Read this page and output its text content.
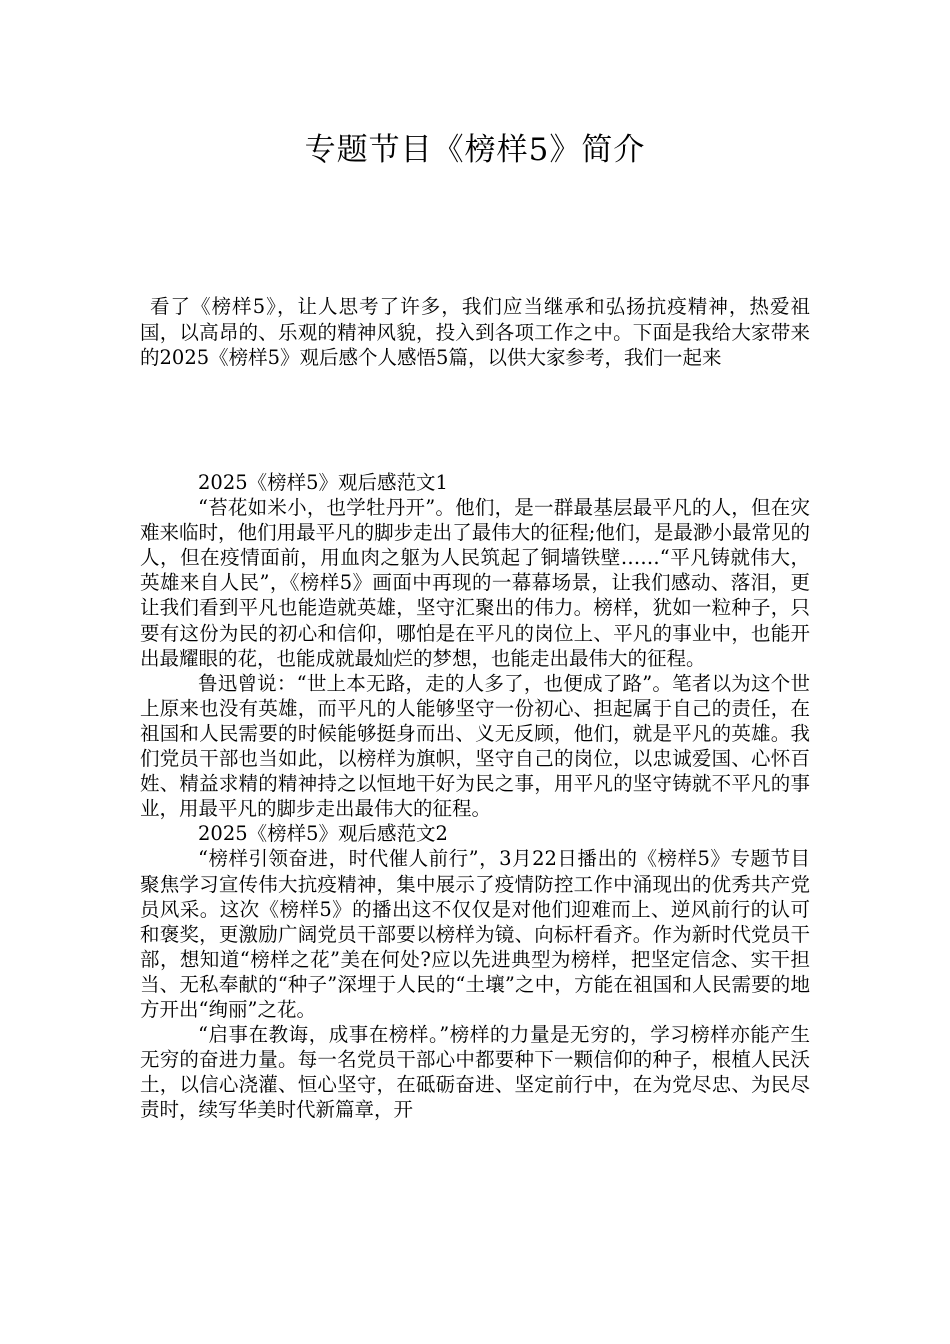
专题节目《榜样5》简介

看了《榜样5》，让人思考了许多，我们应当继承和弘扬抗疫精神，热爱祖国，以高昂的、乐观的精神风貌，投入到各项工作之中。下面是我给大家带来的2025《榜样5》观后感个人感悟5篇，以供大家参考，我们一起来

2025《榜样5》观后感范文1

“苔花如米小，也学牡丹开”。他们，是一群最基层最平凡的人，但在灾难来临时，他们用最平凡的脚步走出了最伟大的征程;他们，是最渺小最常见的人，但在疫情面前，用血肉之躯为人民筑起了铜墙铁壁……“平凡铸就伟大，英雄来自人民”，《榜样5》画面中再现的一幕幕场景，让我们感动、落泪，更让我们看到平凡也能造就英雄，坚守汇聚出的伟力。榜样，犹如一粒种子，只要有这份为民的初心和信仰，哪怕是在平凡的岗位上、平凡的事业中，也能开出最耀眼的花，也能成就最灿烂的梦想，也能走出最伟大的征程。

鲁迅曾说：“世上本无路，走的人多了，也便成了路”。笔者以为这个世上原来也没有英雄，而平凡的人能够坚守一份初心、担起属于自己的责任，在祖国和人民需要的时候能够挺身而出、义无反顾，他们，就是平凡的英雄。我们党员干部也当如此，以榜样为旗帜，坚守自己的岗位，以忠诚爱国、心怀百姓、精益求精的精神持之以恒地干好为民之事，用平凡的坚守铸就不平凡的事业，用最平凡的脚步走出最伟大的征程。

2025《榜样5》观后感范文2

“榜样引领奋进，时代催人前行”，3月22日播出的《榜样5》专题节目聚焦学习宣传伟大抗疫精神，集中展示了疫情防控工作中涌现出的优秀共产党员风采。这次《榜样5》的播出这不仅仅是对他们迎难而上、逆风前行的认可和褒奖，更激励广阔党员干部要以榜样为镜、向标杆看齐。作为新时代党员干部，想知道“榜样之花”美在何处?应以先进典型为榜样，把坚定信念、实干担当、无私奉献的“种子”深埋于人民的“土壤”之中，方能在祖国和人民需要的地方开出“绚丽”之花。

“启事在教诲，成事在榜样。”榜样的力量是无穷的，学习榜样亦能产生无穷的奋进力量。每一名党员干部心中都要种下一颗信仰的种子，根植人民沃土，以信心浇灌、恒心坚守，在砥砺奋进、坚定前行中，在为党尽忠、为民尽责时，续写华美时代新篇章，开
